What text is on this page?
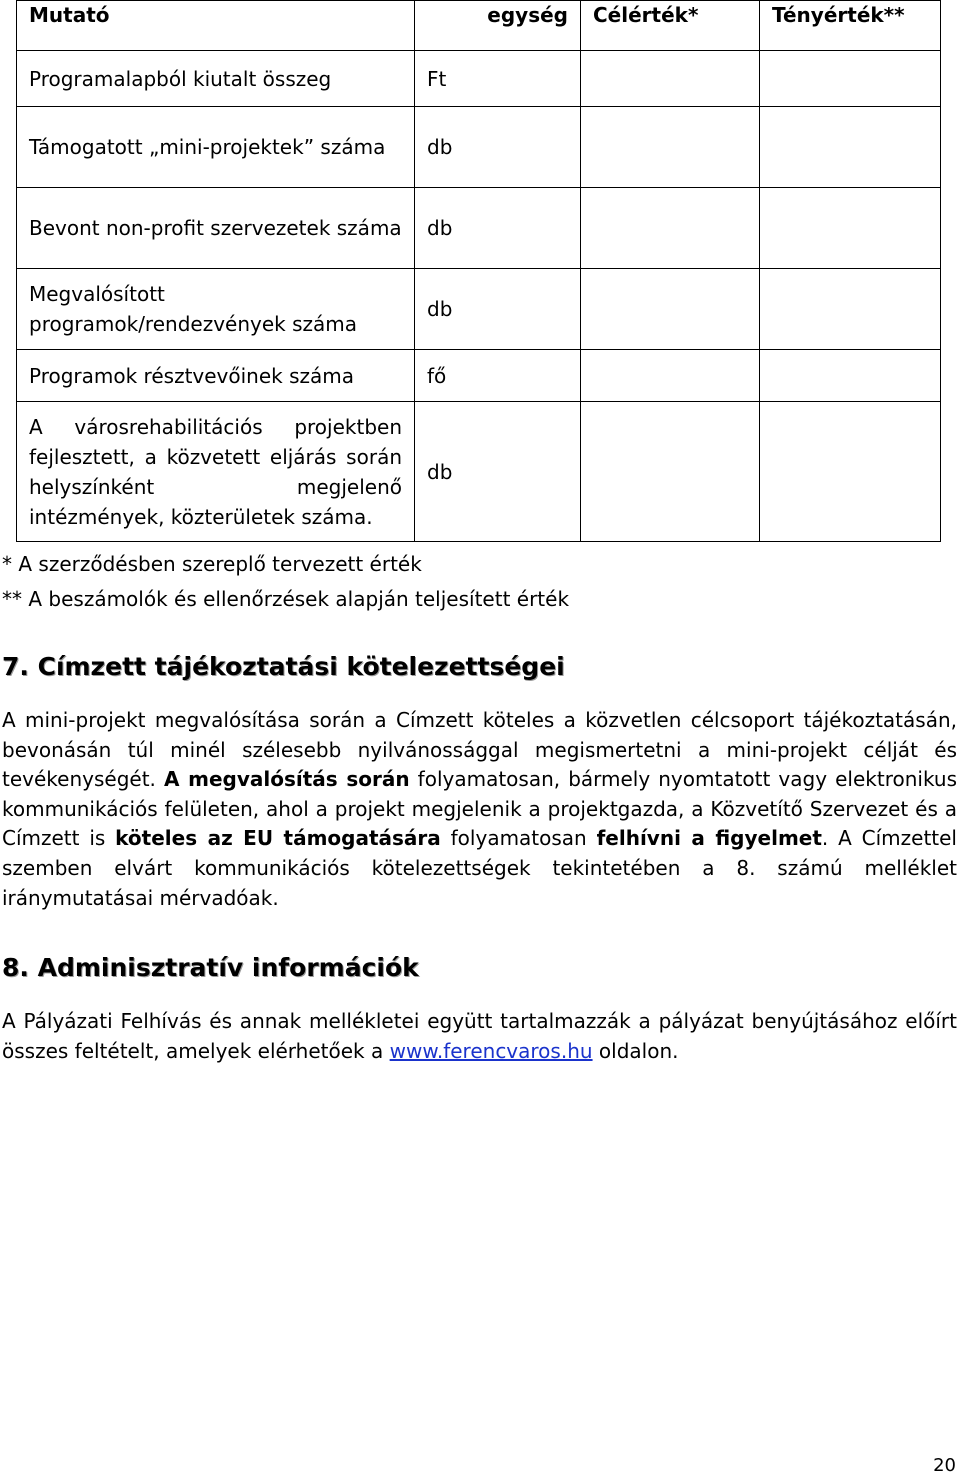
Mutató	egység	Célérték*	Tényérték**
Programalapból kiutalt összeg	Ft		
Támogatott „mini-projektek” száma	db		
Bevont non-profit szervezetek száma	db		
Megvalósított programok/rendezvények száma	db		
Programok résztvevőinek száma	fő		
A városrehabilitációs projektben fejlesztett, a közvetett eljárás során helyszínként megjelenő intézmények, közterületek száma.	db		

* A szerződésben szereplő tervezett érték

** A beszámolók és ellenőrzések alapján teljesített érték

7. Címzett tájékoztatási kötelezettségei

A mini-projekt megvalósítása során a Címzett köteles a közvetlen célcsoport tájékoztatásán, bevonásán túl minél szélesebb nyilvánossággal megismertetni a mini-projekt célját és tevékenységét. A megvalósítás során folyamatosan, bármely nyomtatott vagy elektronikus kommunikációs felületen, ahol a projekt megjelenik a projektgazda, a Közvetítő Szervezet és a Címzett is köteles az EU támogatására folyamatosan felhívni a figyelmet. A Címzettel szemben elvárt kommunikációs kötelezettségek tekintetében a 8. számú melléklet iránymutatásai mérvadóak.

8. Adminisztratív információk

A Pályázati Felhívás és annak mellékletei együtt tartalmazzák a pályázat benyújtásához előírt összes feltételt, amelyek elérhetőek a www.ferencvaros.hu oldalon.

20
